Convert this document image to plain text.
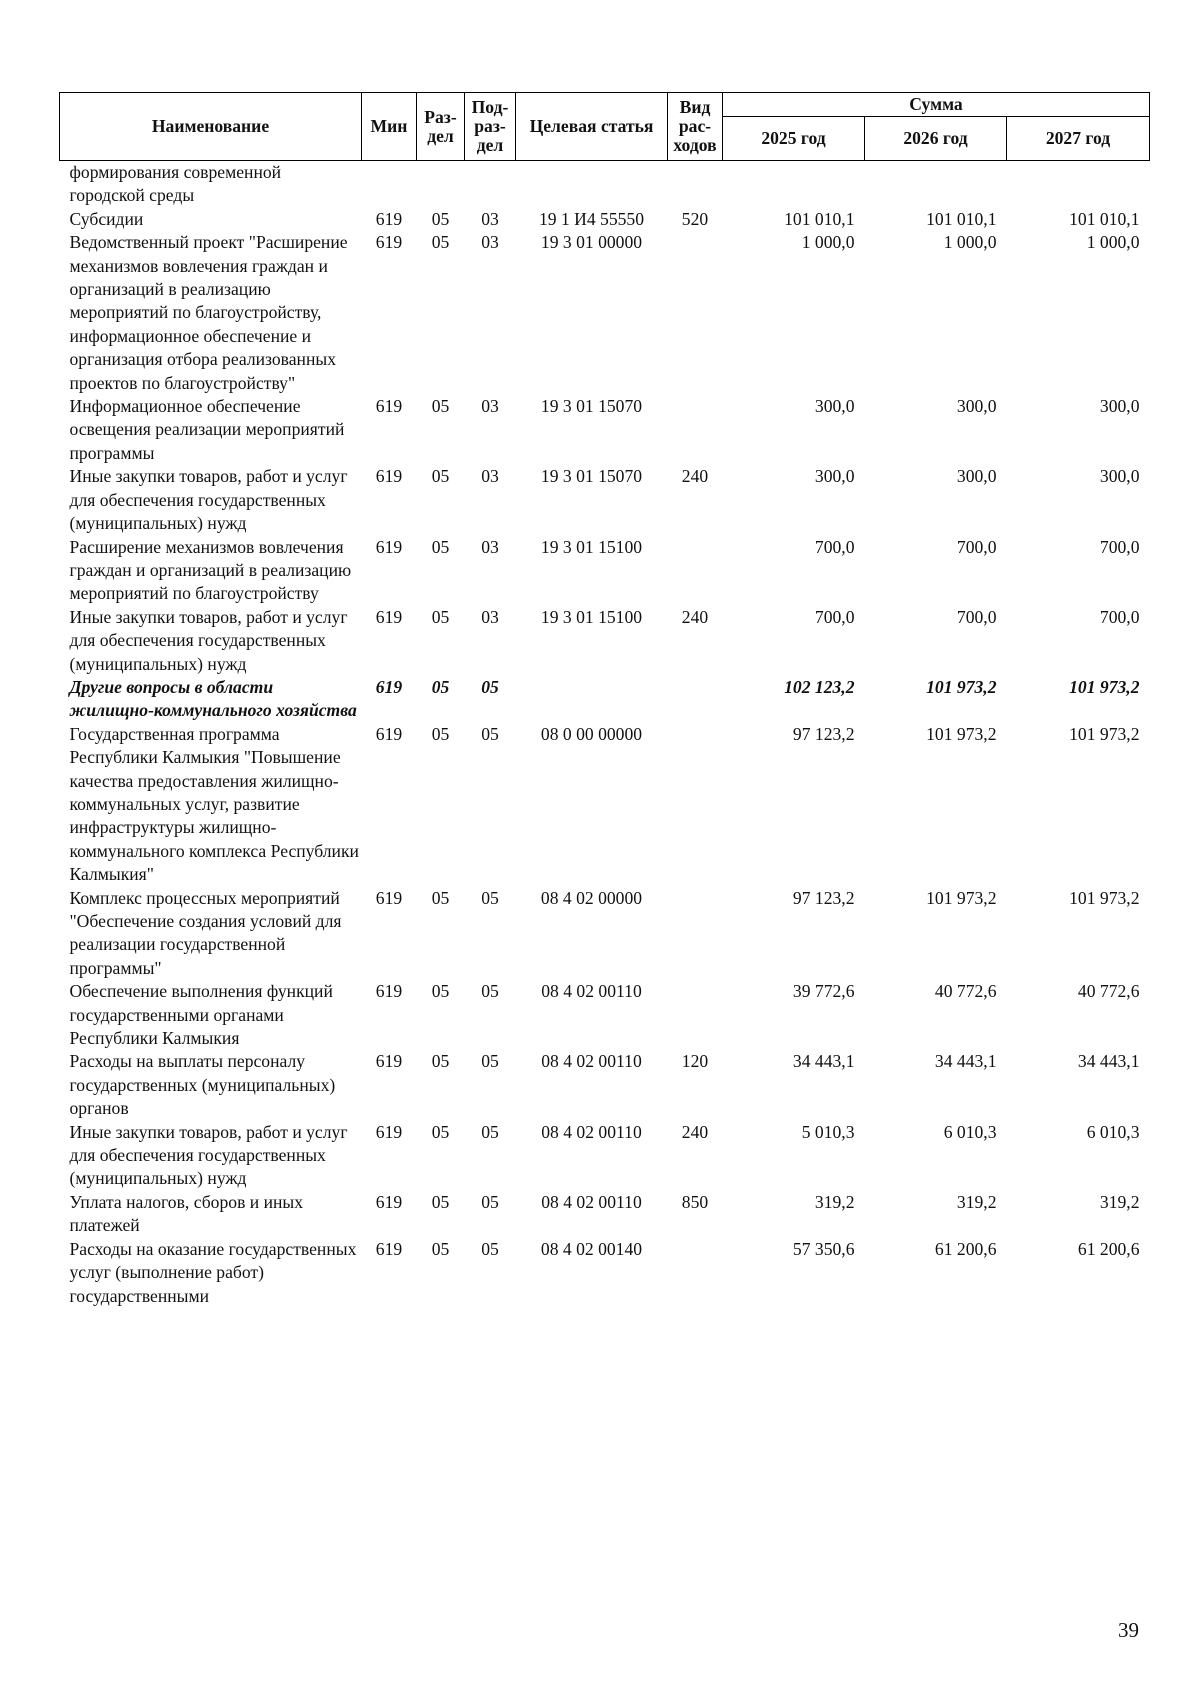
Наименование	Мин	Раз-дел	Под-раз-дел	Целевая статья	Вид рас-ходов	Сумма		
						2025 год	2026 год	2027 год
формирования современной городской среды								
Субсидии	619	05	03	19 1 И4 55550	520	101 010,1	101 010,1	101 010,1
Ведомственный проект "Расширение механизмов вовлечения граждан и организаций в реализацию мероприятий по благоустройству, информационное обеспечение и организация отбора реализованных проектов по благоустройству"	619	05	03	19 3 01 00000		1 000,0	1 000,0	1 000,0
Информационное обеспечение освещения реализации мероприятий программы	619	05	03	19 3 01 15070		300,0	300,0	300,0
Иные закупки товаров, работ и услуг для обеспечения государственных (муниципальных) нужд	619	05	03	19 3 01 15070	240	300,0	300,0	300,0
Расширение механизмов вовлечения граждан и организаций в реализацию мероприятий по благоустройству	619	05	03	19 3 01 15100		700,0	700,0	700,0
Иные закупки товаров, работ и услуг для обеспечения государственных (муниципальных) нужд	619	05	03	19 3 01 15100	240	700,0	700,0	700,0
Другие вопросы в области жилищно-коммунального хозяйства	619	05	05			102 123,2	101 973,2	101 973,2
Государственная программа Республики Калмыкия "Повышение качества предоставления жилищно-коммунальных услуг, развитие инфраструктуры жилищно-коммунального комплекса Республики Калмыкия"	619	05	05	08 0 00 00000		97 123,2	101 973,2	101 973,2
Комплекс процессных мероприятий "Обеспечение создания условий для реализации государственной программы"	619	05	05	08 4 02 00000		97 123,2	101 973,2	101 973,2
Обеспечение выполнения функций государственными органами Республики Калмыкия	619	05	05	08 4 02 00110		39 772,6	40 772,6	40 772,6
Расходы на выплаты персоналу государственных (муниципальных) органов	619	05	05	08 4 02 00110	120	34 443,1	34 443,1	34 443,1
Иные закупки товаров, работ и услуг для обеспечения государственных (муниципальных) нужд	619	05	05	08 4 02 00110	240	5 010,3	6 010,3	6 010,3
Уплата налогов, сборов и иных платежей	619	05	05	08 4 02 00110	850	319,2	319,2	319,2
Расходы на оказание государственных услуг (выполнение работ) государственными	619	05	05	08 4 02 00140		57 350,6	61 200,6	61 200,6
39
